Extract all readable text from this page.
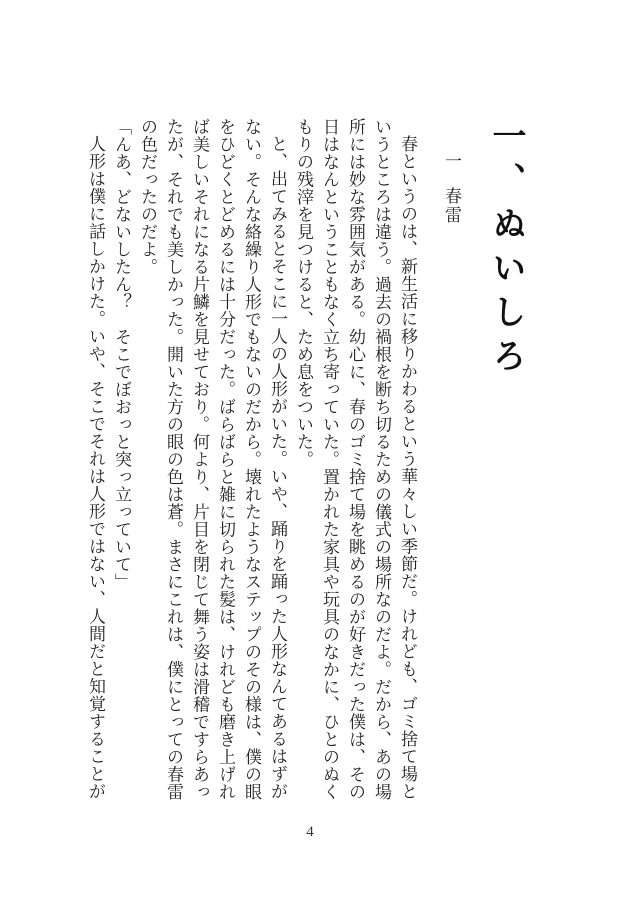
一、ぬいしろ
一春雷

春というのは、新生活に移りかわるという華々しい季節だ。けれども、ゴミ捨て場というところは違う。過去の禍根を断ち切るための儀式の場所なのだよ。だから、あの場所には妙な雰囲気がある。幼心に、春のゴミ捨て場を眺めるのが好きだった僕は、その日はなんということもなく立ち寄っていた。置かれた家具や玩具のなかに、ひとのぬくもりの残滓を見つけると、ため息をついた。

と、出てみるとそこに一人の人形がいた。いや、踊りを踊った人形なんてあるはずがない。そんな絡繰り人形でもないのだから。壊れたようなステップのその様は、僕の眼をひどくとどめるには十分だった。ばらばらと雑に切られた髪は、けれども磨き上げれば美しいそれになる片鱗を見せており。何より、片目を閉じて舞う姿は滑稽ですらあったが、それでも美しかった。開いた方の眼の色は蒼。まさにこれは、僕にとっての春雷の色だったのだよ。

「んあ、どないしたん？　そこでぼおっと突っ立っていて」

人形は僕に話しかけた。いや、そこでそれは人形ではない、人間だと知覚することが

4
